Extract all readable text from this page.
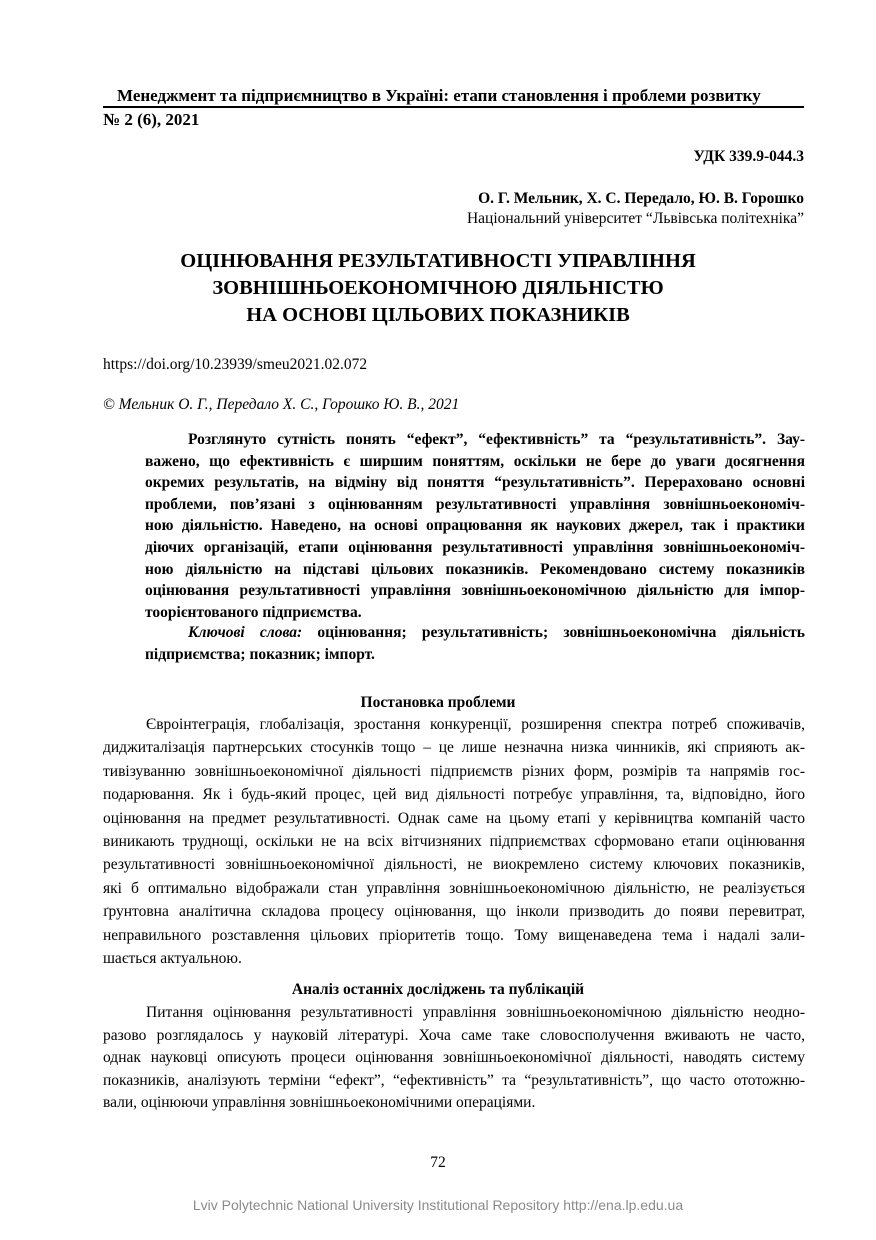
Менеджмент та підприємництво в Україні: етапи становлення і проблеми розвитку
№ 2 (6), 2021
УДК 339.9-044.3
О. Г. Мельник, Х. С. Передало, Ю. В. Горошко
Національний університет “Львівська політехніка”
ОЦІНЮВАННЯ РЕЗУЛЬТАТИВНОСТІ УПРАВЛІННЯ
ЗОВНІШНЬОЕКОНОМІЧНОЮ ДІЯЛЬНІСТЮ
НА ОСНОВІ ЦІЛЬОВИХ ПОКАЗНИКІВ
https://doi.org/10.23939/smeu2021.02.072
© Мельник О. Г., Передало Х. С., Горошко Ю. В., 2021
Розглянуто сутність понять “ефект”, “ефективність” та “результативність”. Зау-
важено, що ефективність є ширшим поняттям, оскільки не бере до уваги досягнення
окремих результатів, на відміну від поняття “результативність”. Перераховано основні
проблеми, пов’язані з оцінюванням результативності управління зовнішньоекономіч-
ною діяльністю. Наведено, на основі опрацювання як наукових джерел, так і практики
діючих організацій, етапи оцінювання результативності управління зовнішньоекономіч-
ною діяльністю на підставі цільових показників. Рекомендовано систему показників
оцінювання результативності управління зовнішньоекономічною діяльністю для імпор-
тоорієнтованого підприємства.
Ключові слова: оцінювання; результативність; зовнішньоекономічна діяльність
підприємства; показник; імпорт.
Постановка проблеми
Євроінтеграція, глобалізація, зростання конкуренції, розширення спектра потреб споживачів,
диджиталізація партнерських стосунків тощо – це лише незначна низка чинників, які сприяють ак-
тивізуванню зовнішньоекономічної діяльності підприємств різних форм, розмірів та напрямів гос-
подарювання. Як і будь-який процес, цей вид діяльності потребує управління, та, відповідно, його
оцінювання на предмет результативності. Однак саме на цьому етапі у керівництва компаній часто
виникають труднощі, оскільки не на всіх вітчизняних підприємствах сформовано етапи оцінювання
результативності зовнішньоекономічної діяльності, не виокремлено систему ключових показників,
які б оптимально відображали стан управління зовнішньоекономічною діяльністю, не реалізується
ґрунтовна аналітична складова процесу оцінювання, що інколи призводить до появи перевитрат,
неправильного розставлення цільових пріоритетів тощо. Тому вищенаведена тема і надалі зали-
шається актуальною.
Аналіз останніх досліджень та публікацій
Питання оцінювання результативності управління зовнішньоекономічною діяльністю неодно-
разово розглядалось у науковій літературі. Хоча саме таке словосполучення вживають не часто,
однак науковці описують процеси оцінювання зовнішньоекономічної діяльності, наводять систему
показників, аналізують терміни “ефект”, “ефективність” та “результативність”, що часто ототожню-
вали, оцінюючи управління зовнішньоекономічними операціями.
72
Lviv Polytechnic National University Institutional Repository http://ena.lp.edu.ua
